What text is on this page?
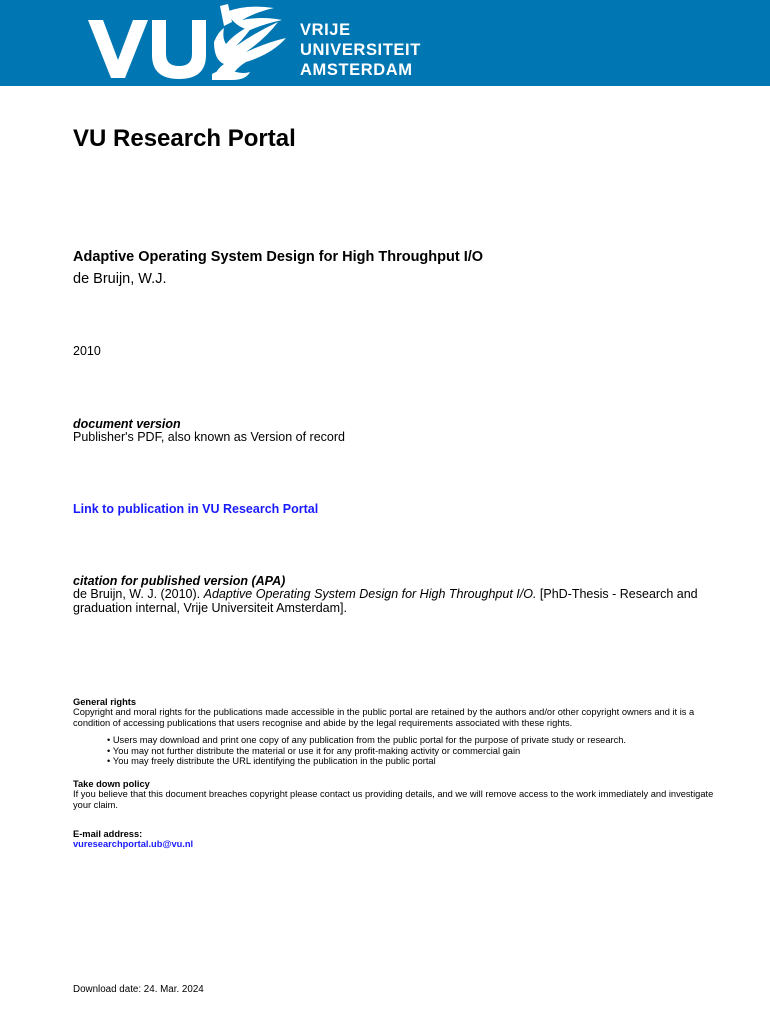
VRIJE
UNIVERSITEIT
AMSTERDAM
VU Research Portal
Adaptive Operating System Design for High Throughput I/O
de Bruijn, W.J.
2010
document version
Publisher's PDF, also known as Version of record
Link to publication in VU Research Portal
citation for published version (APA)
de Bruijn, W. J. (2010). Adaptive Operating System Design for High Throughput I/O. [PhD-Thesis - Research and graduation internal, Vrije Universiteit Amsterdam].
General rights
Copyright and moral rights for the publications made accessible in the public portal are retained by the authors and/or other copyright owners and it is a condition of accessing publications that users recognise and abide by the legal requirements associated with these rights.
• Users may download and print one copy of any publication from the public portal for the purpose of private study or research.
• You may not further distribute the material or use it for any profit-making activity or commercial gain
• You may freely distribute the URL identifying the publication in the public portal
Take down policy
If you believe that this document breaches copyright please contact us providing details, and we will remove access to the work immediately and investigate your claim.
E-mail address:
vuresearchportal.ub@vu.nl
Download date: 24. Mar. 2024
